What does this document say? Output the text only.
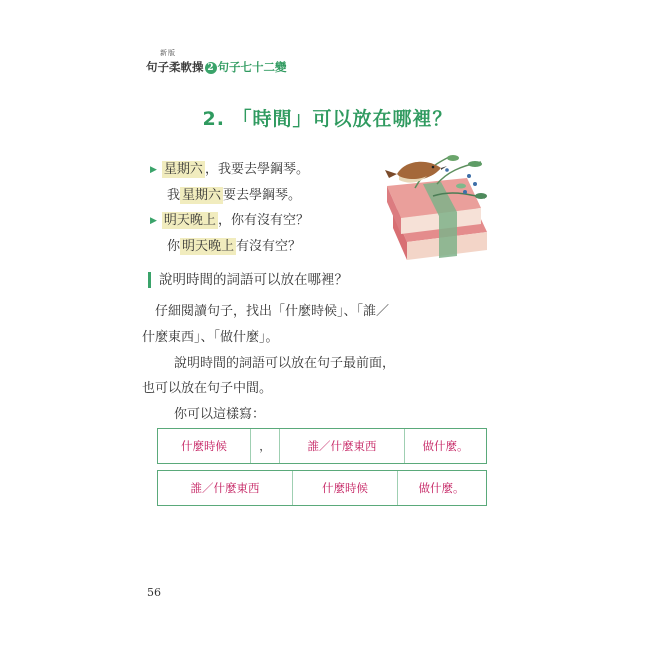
新版
句子柔軟操 2 句子七十二變
2. 「時間」可以放在哪裡？
▶ 星期六 ，我要去學鋼琴。
我 星期六 要去學鋼琴。
▶ 明天晚上 ，你有沒有空？
你 明天晚上 有沒有空？
說明時間的詞語可以放在哪裡？
仔細閱讀句子，找出「什麼時候」、「誰／
什麼東西」、「做什麼」。
說明時間的詞語可以放在句子最前面，
也可以放在句子中間。
你可以這樣寫：
什麼時候	，	誰／什麼東西	做什麼。
誰／什麼東西	什麼時候	做什麼。
56
